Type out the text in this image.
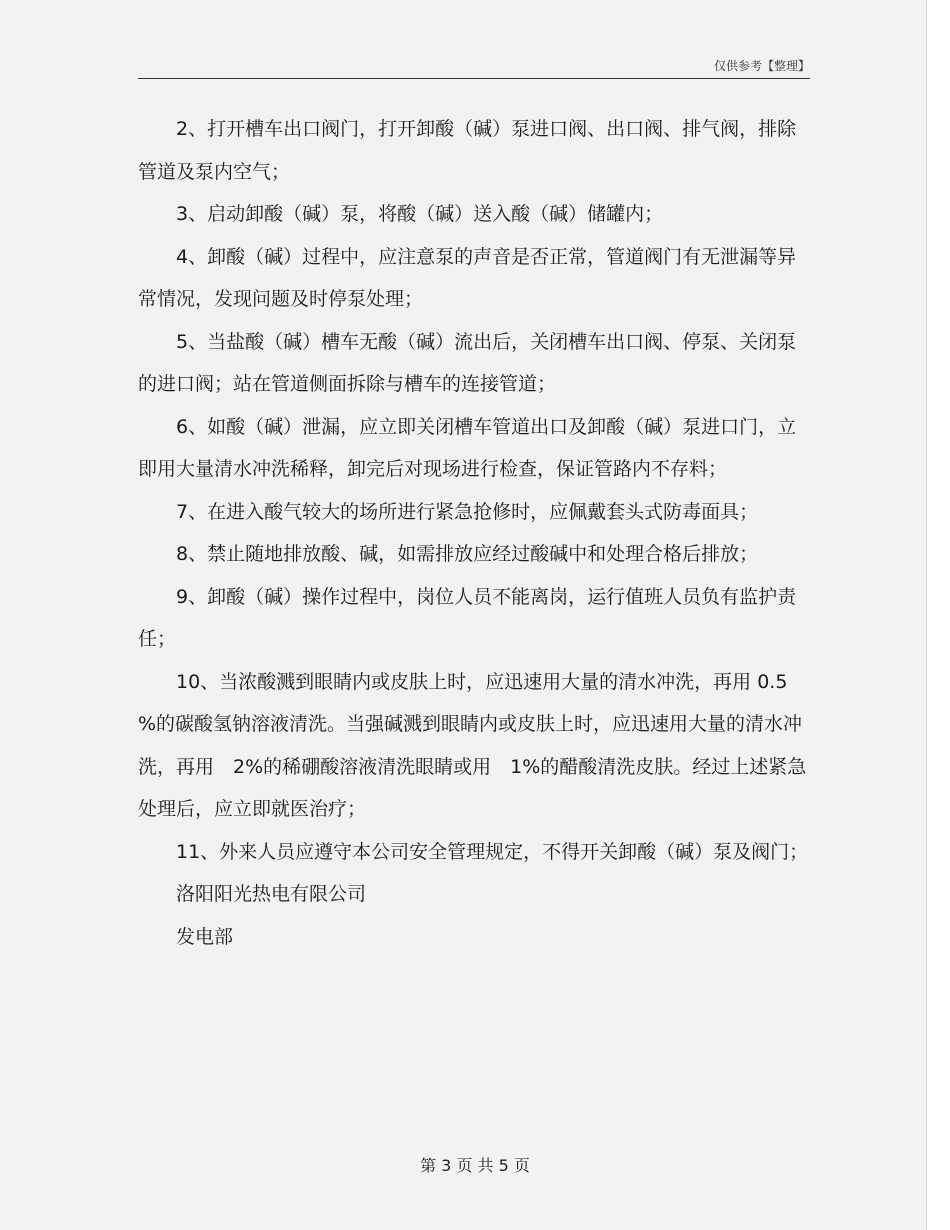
仅供参考【整理】

2、打开槽车出口阀门，打开卸酸（碱）泵进口阀、出口阀、排气阀，排除管道及泵内空气；

3、启动卸酸（碱）泵，将酸（碱）送入酸（碱）储罐内；

4、卸酸（碱）过程中，应注意泵的声音是否正常，管道阀门有无泄漏等异常情况，发现问题及时停泵处理；

5、当盐酸（碱）槽车无酸（碱）流出后，关闭槽车出口阀、停泵、关闭泵的进口阀；站在管道侧面拆除与槽车的连接管道；

6、如酸（碱）泄漏，应立即关闭槽车管道出口及卸酸（碱）泵进口门，立即用大量清水冲洗稀释，卸完后对现场进行检查，保证管路内不存料；

7、在进入酸气较大的场所进行紧急抢修时，应佩戴套头式防毒面具；

8、禁止随地排放酸、碱，如需排放应经过酸碱中和处理合格后排放；

9、卸酸（碱）操作过程中，岗位人员不能离岗，运行值班人员负有监护责任；

10、当浓酸溅到眼睛内或皮肤上时，应迅速用大量的清水冲洗，再用 0.5 %的碳酸氢钠溶液清洗。当强碱溅到眼睛内或皮肤上时，应迅速用大量的清水冲洗，再用　2%的稀硼酸溶液清洗眼睛或用　1%的醋酸清洗皮肤。经过上述紧急处理后，应立即就医治疗；

11、外来人员应遵守本公司安全管理规定，不得开关卸酸（碱）泵及阀门；

洛阳阳光热电有限公司

发电部

第 3 页 共 5 页
